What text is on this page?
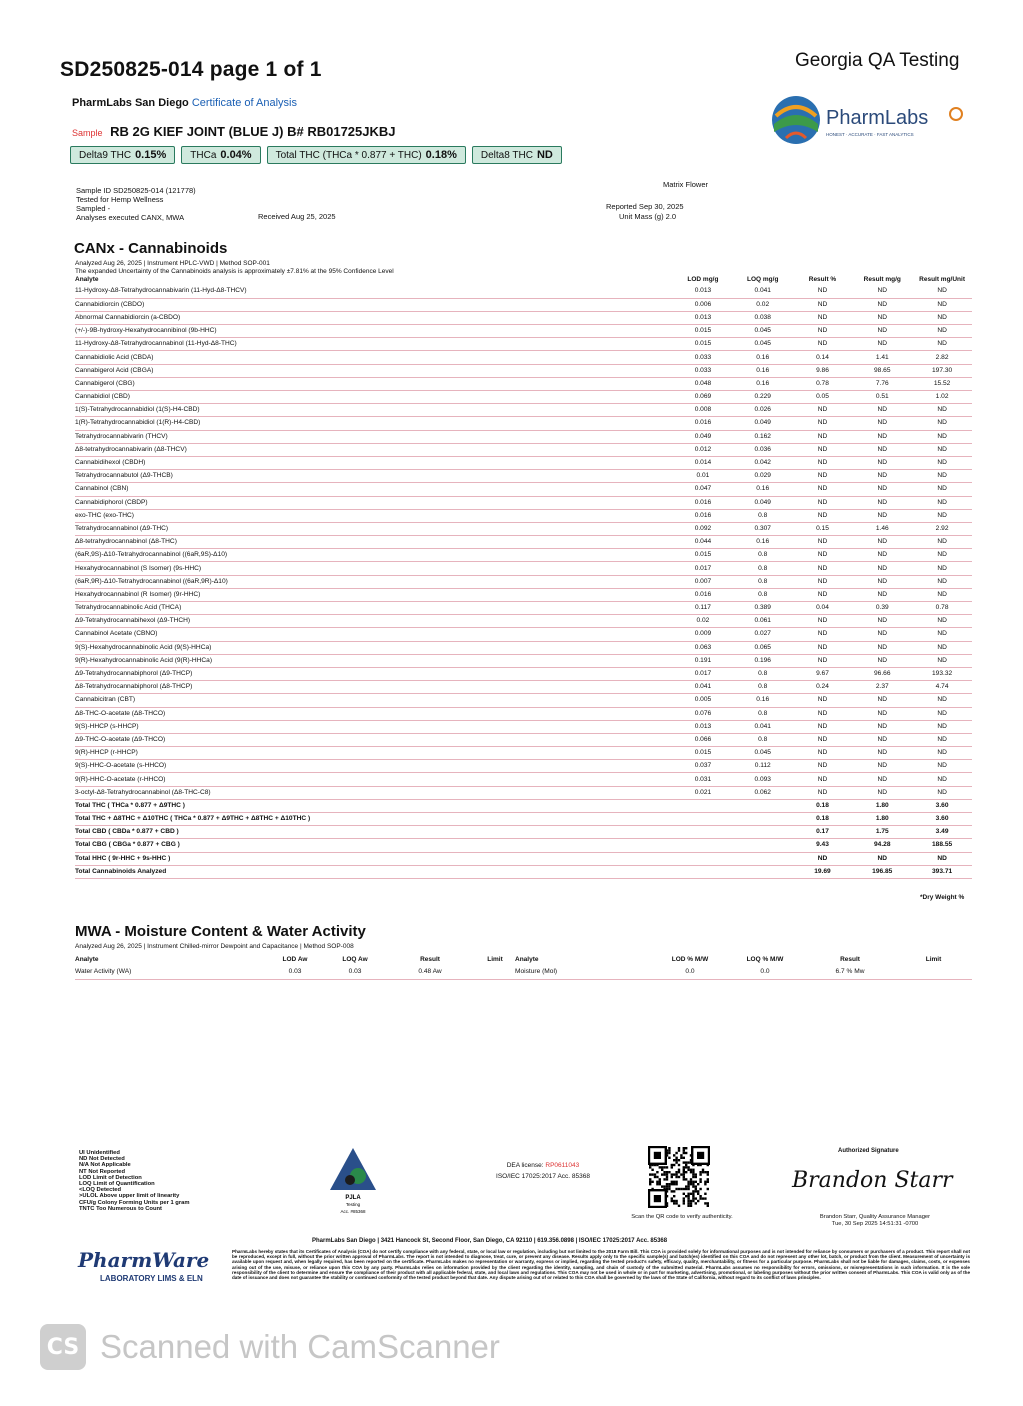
SD250825-014 page 1 of 1	Georgia QA Testing
PharmLabs San Diego Certificate of Analysis
Sample RB 2G KIEF JOINT (BLUE J) B# RB01725JKBJ
Delta9 THC 0.15%	THCa 0.04%	Total THC (THCa * 0.877 + THC) 0.18%	Delta8 THC ND
PharmLabs
HONEST · ACCURATE · FAST ANALYTICS
Sample ID SD250825-014 (121778)
Tested for Hemp Wellness
Sampled -
Analyses executed CANX, MWA	Received Aug 25, 2025
Matrix Flower
Reported Sep 30, 2025
Unit Mass (g) 2.0
CANx - Cannabinoids
Analyzed Aug 26, 2025 | Instrument HPLC-VWD | Method SOP-001
The expanded Uncertainty of the Cannabinoids analysis is approximately ±7.81% at the 95% Confidence Level
Analyte	LOD mg/g	LOQ mg/g	Result %	Result mg/g	Result mg/Unit
11-Hydroxy-Δ8-Tetrahydrocannabivarin (11-Hyd-Δ8-THCV)	0.013	0.041	ND	ND	ND
Cannabidiorcin (CBDO)	0.006	0.02	ND	ND	ND
Abnormal Cannabidiorcin (a-CBDO)	0.013	0.038	ND	ND	ND
(+/-)-9B-hydroxy-Hexahydrocannibinol (9b-HHC)	0.015	0.045	ND	ND	ND
11-Hydroxy-Δ8-Tetrahydrocannabinol (11-Hyd-Δ8-THC)	0.015	0.045	ND	ND	ND
Cannabidiolic Acid (CBDA)	0.033	0.16	0.14	1.41	2.82
Cannabigerol Acid (CBGA)	0.033	0.16	9.86	98.65	197.30
Cannabigerol (CBG)	0.048	0.16	0.78	7.76	15.52
Cannabidiol (CBD)	0.069	0.229	0.05	0.51	1.02
1(S)-Tetrahydrocannabidiol (1(S)-H4-CBD)	0.008	0.026	ND	ND	ND
1(R)-Tetrahydrocannabidiol (1(R)-H4-CBD)	0.016	0.049	ND	ND	ND
Tetrahydrocannabivarin (THCV)	0.049	0.162	ND	ND	ND
Δ8-tetrahydrocannabivarin (Δ8-THCV)	0.012	0.036	ND	ND	ND
Cannabidihexol (CBDH)	0.014	0.042	ND	ND	ND
Tetrahydrocannabutol (Δ9-THCB)	0.01	0.029	ND	ND	ND
Cannabinol (CBN)	0.047	0.16	ND	ND	ND
Cannabidiphorol (CBDP)	0.016	0.049	ND	ND	ND
exo-THC (exo-THC)	0.016	0.8	ND	ND	ND
Tetrahydrocannabinol (Δ9-THC)	0.092	0.307	0.15	1.46	2.92
Δ8-tetrahydrocannabinol (Δ8-THC)	0.044	0.16	ND	ND	ND
(6aR,9S)-Δ10-Tetrahydrocannabinol ((6aR,9S)-Δ10)	0.015	0.8	ND	ND	ND
Hexahydrocannabinol (S Isomer) (9s-HHC)	0.017	0.8	ND	ND	ND
(6aR,9R)-Δ10-Tetrahydrocannabinol ((6aR,9R)-Δ10)	0.007	0.8	ND	ND	ND
Hexahydrocannabinol (R Isomer) (9r-HHC)	0.016	0.8	ND	ND	ND
Tetrahydrocannabinolic Acid (THCA)	0.117	0.389	0.04	0.39	0.78
Δ9-Tetrahydrocannabihexol (Δ9-THCH)	0.02	0.061	ND	ND	ND
Cannabinol Acetate (CBNO)	0.009	0.027	ND	ND	ND
9(S)-Hexahydrocannabinolic Acid (9(S)-HHCa)	0.063	0.065	ND	ND	ND
9(R)-Hexahydrocannabinolic Acid (9(R)-HHCa)	0.191	0.196	ND	ND	ND
Δ9-Tetrahydrocannabiphorol (Δ9-THCP)	0.017	0.8	9.67	96.66	193.32
Δ8-Tetrahydrocannabiphorol (Δ8-THCP)	0.041	0.8	0.24	2.37	4.74
Cannabicitran (CBT)	0.005	0.16	ND	ND	ND
Δ8-THC-O-acetate (Δ8-THCO)	0.076	0.8	ND	ND	ND
9(S)-HHCP (s-HHCP)	0.013	0.041	ND	ND	ND
Δ9-THC-O-acetate (Δ9-THCO)	0.066	0.8	ND	ND	ND
9(R)-HHCP (r-HHCP)	0.015	0.045	ND	ND	ND
9(S)-HHC-O-acetate (s-HHCO)	0.037	0.112	ND	ND	ND
9(R)-HHC-O-acetate (r-HHCO)	0.031	0.093	ND	ND	ND
3-octyl-Δ8-Tetrahydrocannabinol (Δ8-THC-C8)	0.021	0.062	ND	ND	ND
Total THC ( THCa * 0.877 + Δ9THC )			0.18	1.80	3.60
Total THC + Δ8THC + Δ10THC ( THCa * 0.877 + Δ9THC + Δ8THC + Δ10THC )			0.18	1.80	3.60
Total CBD ( CBDa * 0.877 + CBD )			0.17	1.75	3.49
Total CBG ( CBGa * 0.877 + CBG )			9.43	94.28	188.55
Total HHC ( 9r-HHC + 9s-HHC )			ND	ND	ND
Total Cannabinoids Analyzed			19.69	196.85	393.71
*Dry Weight %
MWA - Moisture Content & Water Activity
Analyzed Aug 26, 2025 | Instrument Chilled-mirror Dewpoint and Capacitance | Method SOP-008
Analyte	LOD Aw	LOQ Aw	Result	Limit	Analyte	LOD % M/W	LOQ % M/W	Result	Limit
Water Activity (WA)	0.03	0.03	0.48 Aw		Moisture (Mol)	0.0	0.0	6.7 % Mw	
UI Unidentified
ND Not Detected
N/A Not Applicable
NT Not Reported
LOD Limit of Detection
LOQ Limit of Quantification
<LOQ Detected
>ULOL Above upper limit of linearity
CFU/g Colony Forming Units per 1 gram
TNTC Too Numerous to Count
PJLA
Testing
Acc. #85368
DEA license: RP0611043
ISO/IEC 17025:2017 Acc. 85368
Scan the QR code to verify authenticity.
Authorized Signature
Brandon Starr
Brandon Starr, Quality Assurance Manager
Tue, 30 Sep 2025 14:51:31 -0700
PharmLabs San Diego | 3421 Hancock St, Second Floor, San Diego, CA 92110 | 619.356.0898 | ISO/IEC 17025:2017 Acc. 85368
PharmLabs hereby states that its Certificates of Analysis (COA) do not certify compliance with any federal, state, or local law or regulation, including but not limited to the 2018 Farm Bill. This COA is provided solely for informational purposes and is not intended for reliance by consumers or purchasers of a product. This report shall not be reproduced, except in full, without the prior written approval of PharmLabs. The report is not intended to diagnose, treat, cure, or prevent any disease. Results apply only to the specific sample(s) and batch(es) identified on this COA and do not represent any other lot, batch, or product from the client. Measurement of uncertainty is available upon request and, when legally required, has been reported on the certificate. PharmLabs makes no representation or warranty, express or implied, regarding the tested product's safety, efficacy, quality, merchantability, or fitness for a particular purpose. PharmLabs shall not be liable for damages, claims, costs, or expenses arising out of the use, misuse, or reliance upon this COA by any party. PharmLabs relies on information provided by the client regarding the identity, sampling, and chain of custody of the submitted material. PharmLabs assumes no responsibility for errors, omissions, or misrepresentations in such information. It is the sole responsibility of the client to determine and ensure the compliance of their product with all applicable federal, state, and local laws and regulations. This COA may not be used in whole or in part for marketing, advertising, promotional, or labeling purposes without the prior written consent of PharmLabs. This COA is valid only as of the date of issuance and does not guarantee the stability or continued conformity of the tested product beyond that date. Any dispute arising out of or related to this COA shall be governed by the laws of the State of California, without regard to its conflict of laws principles.
PharmWare
LABORATORY LIMS & ELN
CS Scanned with CamScanner
